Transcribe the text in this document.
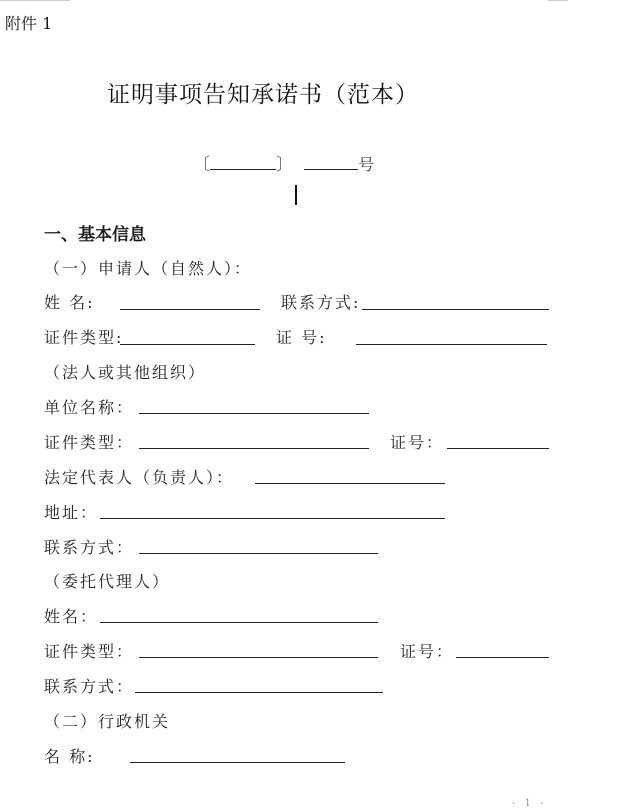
附件 1
证明事项告知承诺书（范本）
〔	〕	号
一、基本信息
（一）申请人（自然人）：
姓 名:	联系方式:
证件类型:	证 号:
（法人或其他组织）
单位名称：
证件类型：	证号：
法定代表人（负责人）：
地址：
联系方式：
（委托代理人）
姓名：
证件类型：	证号：
联系方式：
（二）行政机关
名 称:
- 1 -
